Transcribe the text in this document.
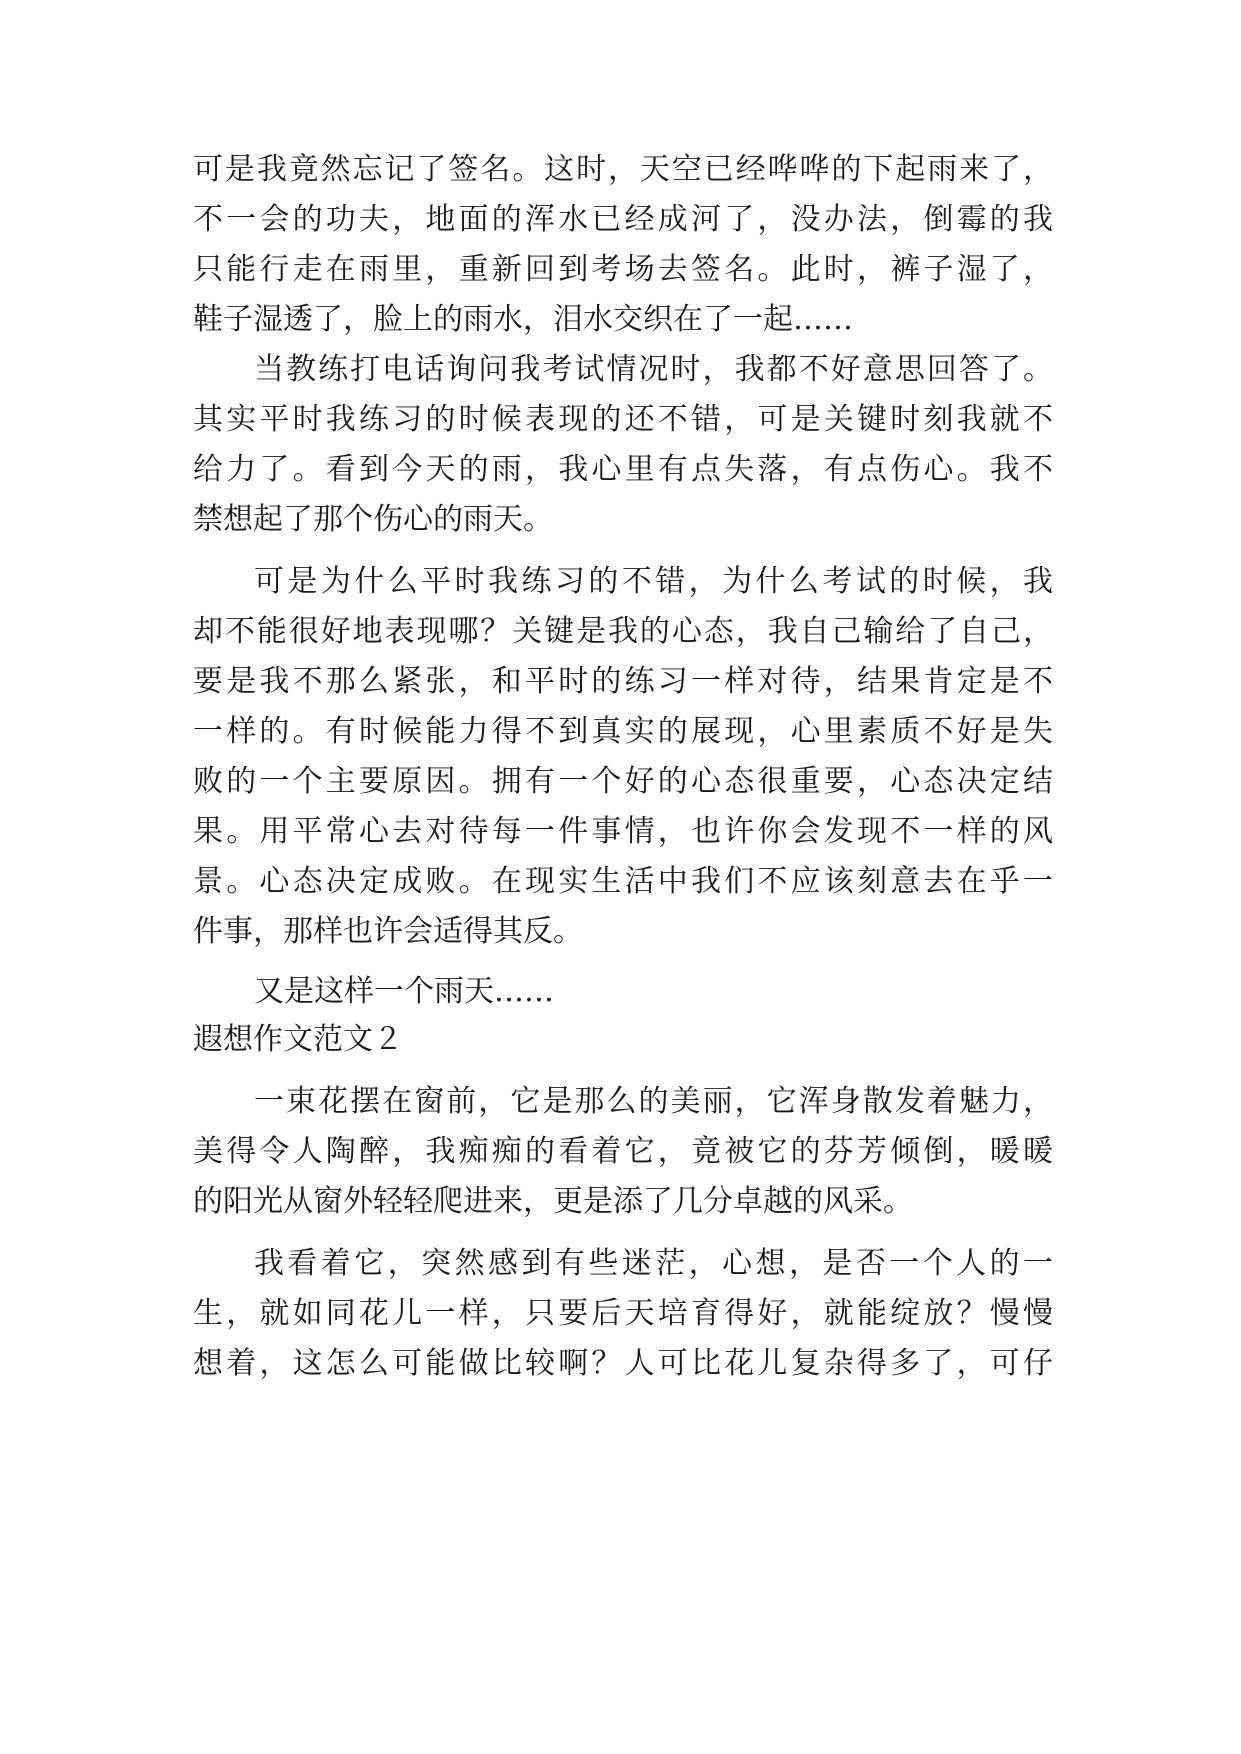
可是我竟然忘记了签名。这时，天空已经哗哗的下起雨来了，
不一会的功夫，地面的浑水已经成河了，没办法，倒霉的我
只能行走在雨里，重新回到考场去签名。此时，裤子湿了，
鞋子湿透了，脸上的雨水，泪水交织在了一起……
当教练打电话询问我考试情况时，我都不好意思回答了。
其实平时我练习的时候表现的还不错，可是关键时刻我就不
给力了。看到今天的雨，我心里有点失落，有点伤心。我不
禁想起了那个伤心的雨天。
可是为什么平时我练习的不错，为什么考试的时候，我
却不能很好地表现哪？关键是我的心态，我自己输给了自己，
要是我不那么紧张，和平时的练习一样对待，结果肯定是不
一样的。有时候能力得不到真实的展现，心里素质不好是失
败的一个主要原因。拥有一个好的心态很重要，心态决定结
果。用平常心去对待每一件事情，也许你会发现不一样的风
景。心态决定成败。在现实生活中我们不应该刻意去在乎一
件事，那样也许会适得其反。
又是这样一个雨天……
遐想作文范文２
一束花摆在窗前，它是那么的美丽，它浑身散发着魅力，
美得令人陶醉，我痴痴的看着它，竟被它的芬芳倾倒，暖暖
的阳光从窗外轻轻爬进来，更是添了几分卓越的风采。
我看着它，突然感到有些迷茫，心想，是否一个人的一
生，就如同花儿一样，只要后天培育得好，就能绽放？慢慢
想着，这怎么可能做比较啊？人可比花儿复杂得多了，可仔
